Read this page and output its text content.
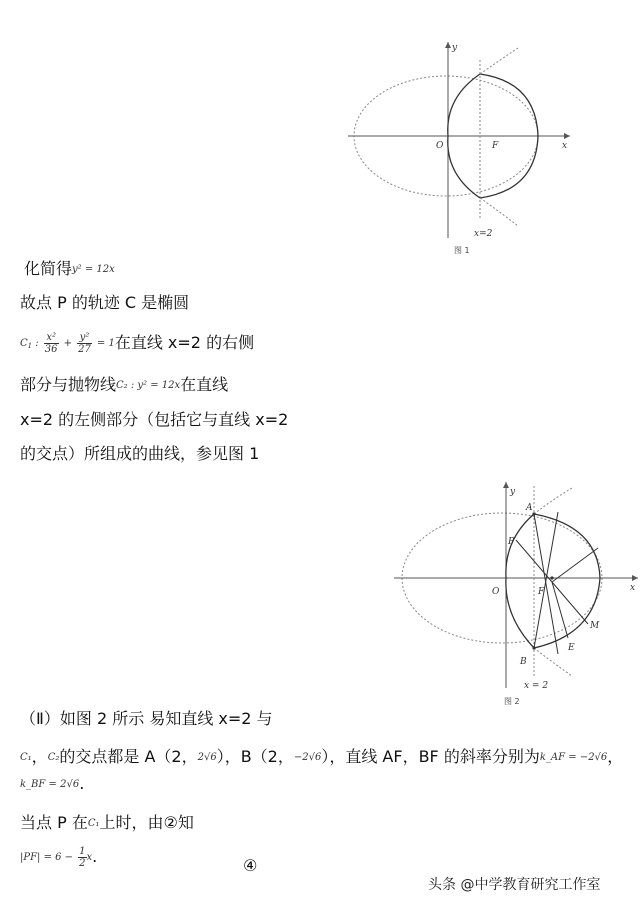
y
x
O	F
x=2
图 1
化简得y² = 12x
故点 P 的轨迹 C 是椭圆
$C_1$ : $\frac{\text{x²}}{36} + \frac{\text{y²}}{27} = 1$在直线 x=2 的右侧
部分与抛物线C₂ : y² = 12x在直线
x=2 的左侧部分（包括它与直线 x=2
的交点）所组成的曲线，参见图 1
y
x
O	F
A
B
M
E
P
x = 2
图 2
（Ⅱ）如图 2 所示 易知直线 x=2 与
C₁，C₂的交点都是 A（2，2√6），B（2，−2√6），直线 AF，BF 的斜率分别为k_AF = −2√6，
k_BF = 2√6.
当点 P 在C₁上时，由②知
$|PF| = 6 - \frac{1}{2} x$.	④
头条 @中学教育研究工作室
